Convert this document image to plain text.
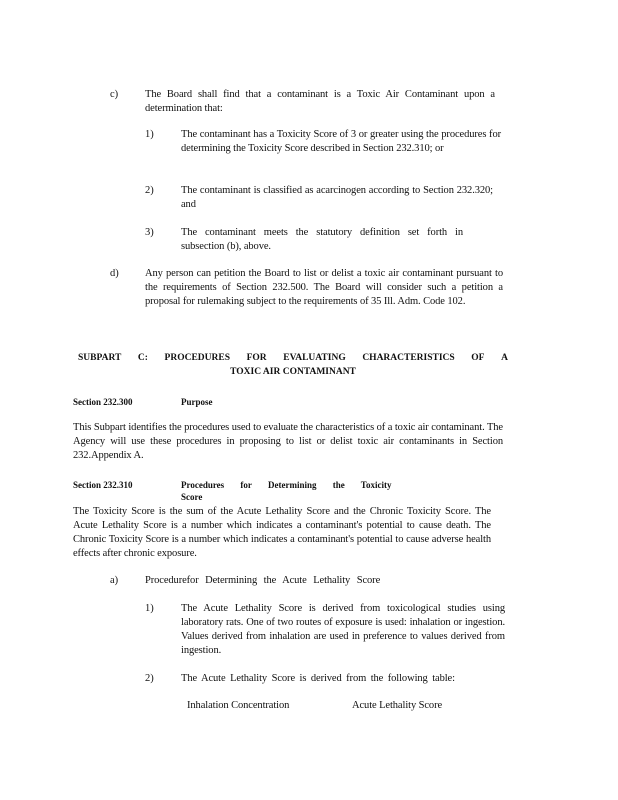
c)	The Board shall find that a contaminant is a Toxic Air Contaminant upon a determination that:
1)	The contaminant has a Toxicity Score of 3 or greater using the procedures for determining the Toxicity Score described in Section 232.310; or
2)	The contaminant is classified as acarcinogen according to Section 232.320; and
3)	The contaminant meets the statutory definition set forth in subsection (b), above.
d)	Any person can petition the Board to list or delist a toxic air contaminant pursuant to the requirements of Section 232.500. The Board will consider such a petition a proposal for rulemaking subject to the requirements of 35 Ill. Adm. Code 102.
SUBPART C: PROCEDURES FOR EVALUATING CHARACTERISTICS OF A
TOXIC AIR CONTAMINANT
Section 232.300	Purpose
This Subpart identifies the procedures used to evaluate the characteristics of a toxic air contaminant. The Agency will use these procedures in proposing to list or delist toxic air contaminants in Section 232.Appendix A.
Section 232.310	Procedures for Determining the Toxicity Score
The Toxicity Score is the sum of the Acute Lethality Score and the Chronic Toxicity Score. The Acute Lethality Score is a number which indicates a contaminant's potential to cause death. The Chronic Toxicity Score is a number which indicates a contaminant's potential to cause adverse health effects after chronic exposure.
a)	Procedurefor Determining the Acute Lethality Score
1)	The Acute Lethality Score is derived from toxicological studies using laboratory rats. One of two routes of exposure is used: inhalation or ingestion. Values derived from inhalation are used in preference to values derived from ingestion.
2)	The Acute Lethality Score is derived from the following table:
Inhalation Concentration	Acute Lethality Score
